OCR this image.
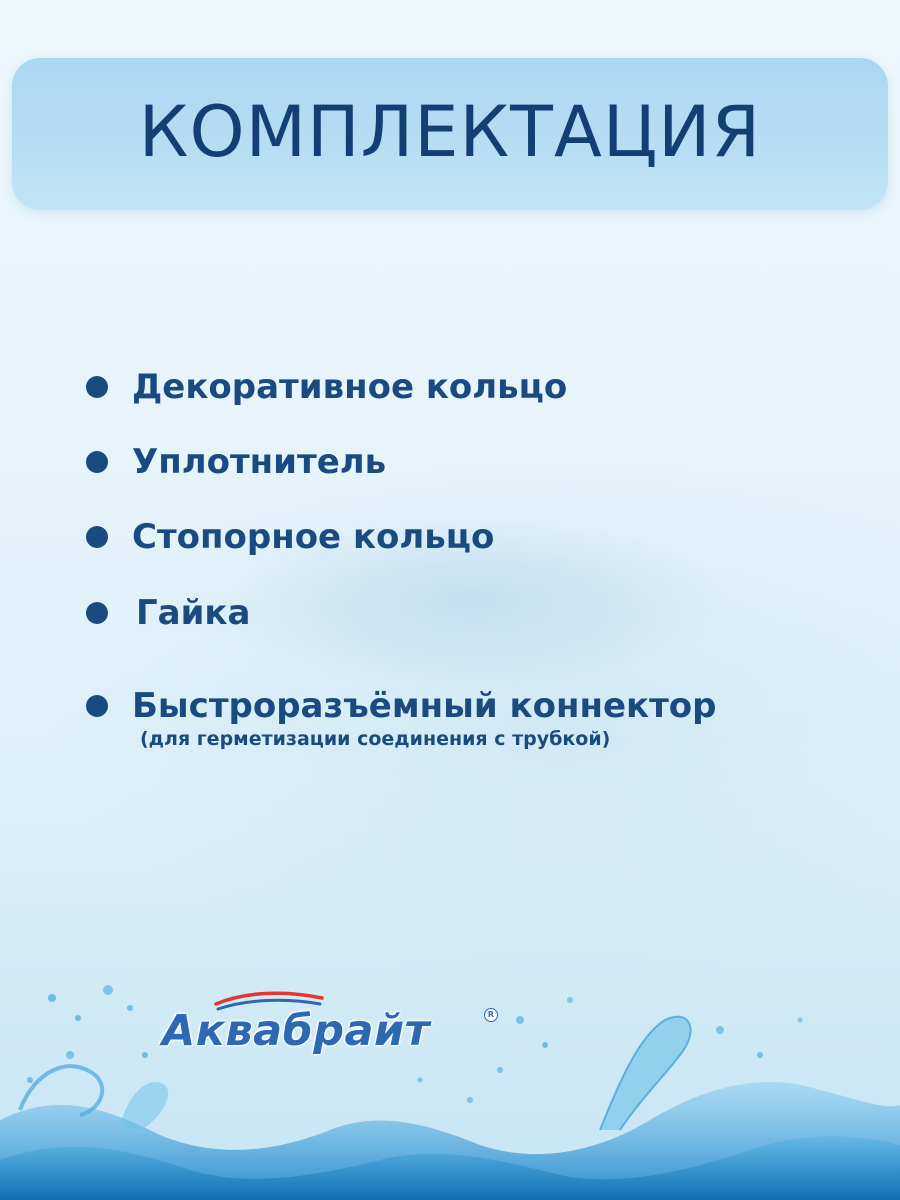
КОМПЛЕКТАЦИЯ
Декоративное кольцо
Уплотнитель
Стопорное кольцо
Гайка
Быстроразъёмный коннектор
(для герметизации соединения с трубкой)
Аквабрайт	R
